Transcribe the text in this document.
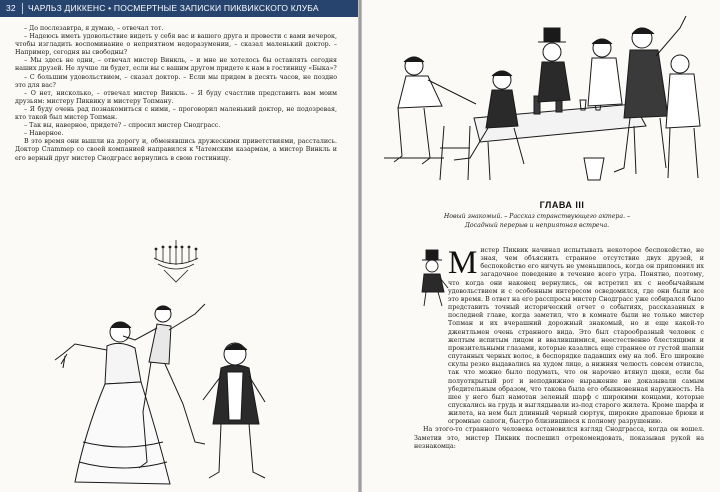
32 ЧАРЛЬЗ ДИККЕНС • ПОСМЕРТНЫЕ ЗАПИСКИ ПИКВИКСКОГО КЛУБА

– До послезавтра, я думаю, – отвечал тот.

– Надеюсь иметь удовольствие видеть у себя вас и вашего друга и провести с вами вечерок, чтобы изгладить воспоминание о неприятном недоразумении, – сказал маленький доктор. – Например, сегодня вы свободны?

– Мы здесь не одни, – отвечал мистер Винкль, – и мне не хотелось бы оставлять сегодня наших друзей. Не лучше ли будет, если вы с вашим другом придете к нам в гостиницу «Быка»?

– С большим удовольствием, – сказал доктор. – Если мы придем в десять часов, не поздно это для вас?

– О нет, нисколько, – отвечал мистер Винкль. – Я буду счастлив представить вам моим друзьям: мистеру Пиквику и мистеру Топману.

– Я буду очень рад познакомиться с ними, – проговорил маленький доктор, не подозревая, кто такой был мистер Топман.

– Так вы, наверное, придете? – спросил мистер Снодграсс.

– Наверное.

В это время они вышли на дорогу и, обменявшись дружескими приветствиями, расстались. Доктор Слammер со своей компанией направился к Чатемским казармам, а мистер Винкль и его верный друг мистер Снодграсс вернулись в свою гостиницу.

ГЛАВА III
Новый знакомый. – Рассказ странствующего актера. –
Досадный перерыв и неприятная встреча.

Мистер Пиквик начинал испытывать некоторое беспокойство, не зная, чем объяснить странное отсутствие двух друзей, и беспокойство его ничуть не уменьшилось, когда он припомнил их загадочное поведение в течение всего утра. Понятно, поэтому, что когда они наконец вернулись, он встретил их с необычайным удовольствием и с особенным интересом осведомился, где они были все это время. В ответ на его расспросы мистер Снодграсс уже собирался было представить точный исторический отчет о событиях, рассказанных в последней главе, когда заметил, что в комнате были не только мистер Топман и их вчерашний дорожный знакомый, но и еще какой-то джентльмен очень странного вида. Это был старообразный человек с желтым испитым лицом и ввалившимися, неестественно блестящими и пронзительными глазами, которые казались еще страннее от густой шапки спутанных черных волос, в беспорядке падавших ему на лоб. Его широкие скулы резко выдавались на худом лице, а нижняя челюсть совсем отвисла, так что можно было подумать, что он нарочно втянул щеки, если бы полуоткрытый рот и неподвижное выражение не доказывали самым убедительным образом, что такова была его обыкновенная наружность. На шее у него был намотан зеленый шарф с широкими концами, которые спускались на грудь и выглядывали из-под старого жилета. Кроме шарфа и жилета, на нем был длинный черный сюртук, широкие драповые брюки и огромные сапоги, быстро близившиеся к полному разрушению.

На этого-то странного человека остановился взгляд Снодграсса, когда он вошел. Заметив это, мистер Пиквик поспешил отрекомендовать, показывая рукой на незнакомца:
